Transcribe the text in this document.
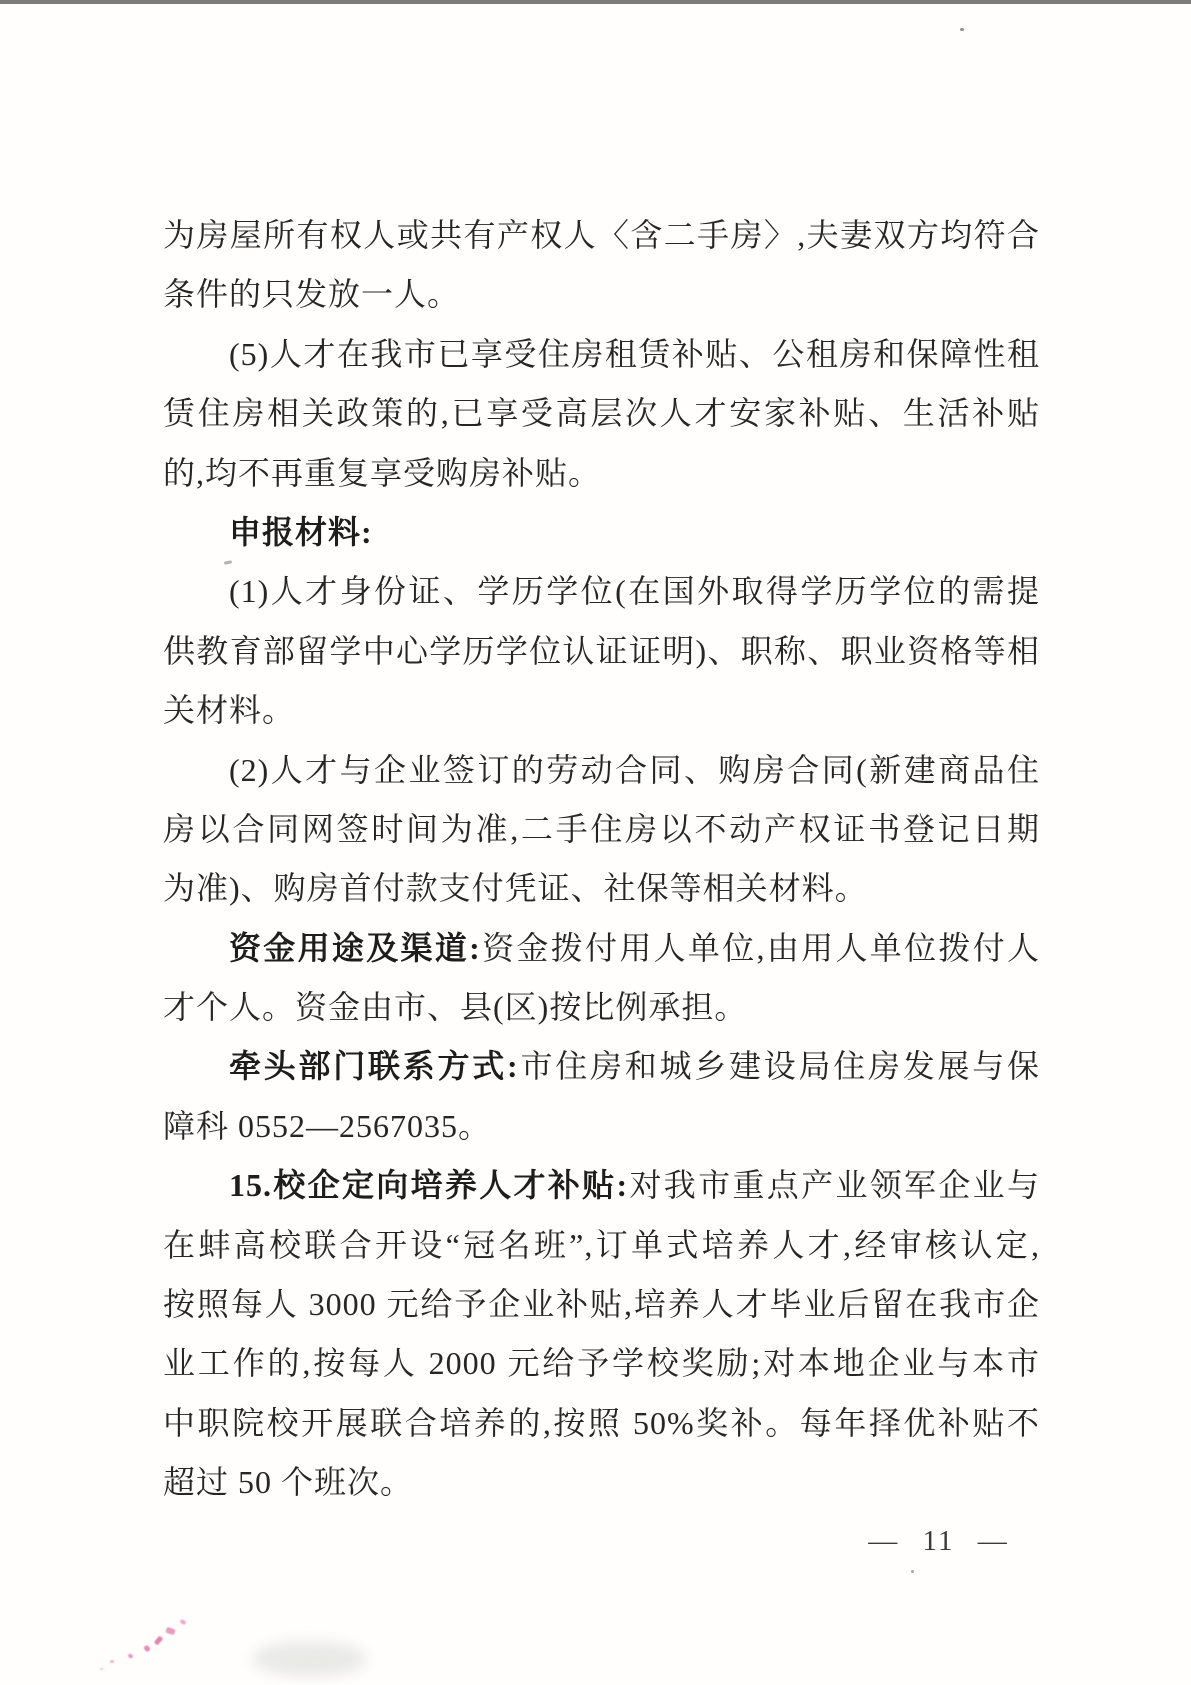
为房屋所有权人或共有产权人〈含二手房〉,夫妻双方均符合
条件的只发放一人。
(5)人才在我市已享受住房租赁补贴、公租房和保障性租
赁住房相关政策的,已享受高层次人才安家补贴、生活补贴
的,均不再重复享受购房补贴。
申报材料:
(1)人才身份证、学历学位(在国外取得学历学位的需提
供教育部留学中心学历学位认证证明)、职称、职业资格等相
关材料。
(2)人才与企业签订的劳动合同、购房合同(新建商品住
房以合同网签时间为准,二手住房以不动产权证书登记日期
为准)、购房首付款支付凭证、社保等相关材料。
资金用途及渠道:资金拨付用人单位,由用人单位拨付人
才个人。资金由市、县(区)按比例承担。
牵头部门联系方式:市住房和城乡建设局住房发展与保
障科 0552—2567035。
15.校企定向培养人才补贴:对我市重点产业领军企业与
在蚌高校联合开设“冠名班”,订单式培养人才,经审核认定,
按照每人 3000 元给予企业补贴,培养人才毕业后留在我市企
业工作的,按每人 2000 元给予学校奖励;对本地企业与本市
中职院校开展联合培养的,按照 50%奖补。每年择优补贴不
超过 50 个班次。
— 11 —
